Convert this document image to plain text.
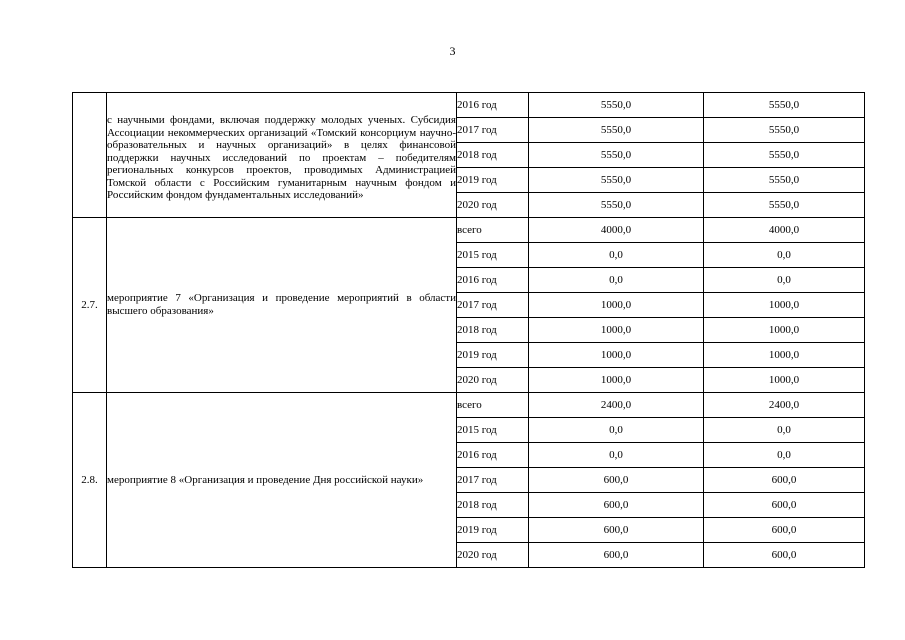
3

	с научными фондами, включая поддержку молодых ученых. Субсидия Ассоциации некоммерческих организаций «Томский консорциум научно-образовательных и научных организаций» в целях финансовой поддержки научных исследований по проектам – победителям региональных конкурсов проектов, проводимых Администрацией Томской области с Российским гуманитарным научным фондом и Российским фондом фундаментальных исследований»	2016 год	5550,0	5550,0
		2017 год	5550,0	5550,0
		2018 год	5550,0	5550,0
		2019 год	5550,0	5550,0
		2020 год	5550,0	5550,0
2.7.	мероприятие 7 «Организация и проведение мероприятий в области высшего образования»	всего	4000,0	4000,0
		2015 год	0,0	0,0
		2016 год	0,0	0,0
		2017 год	1000,0	1000,0
		2018 год	1000,0	1000,0
		2019 год	1000,0	1000,0
		2020 год	1000,0	1000,0
2.8.	мероприятие 8 «Организация и проведение Дня российской науки»	всего	2400,0	2400,0
		2015 год	0,0	0,0
		2016 год	0,0	0,0
		2017 год	600,0	600,0
		2018 год	600,0	600,0
		2019 год	600,0	600,0
		2020 год	600,0	600,0
